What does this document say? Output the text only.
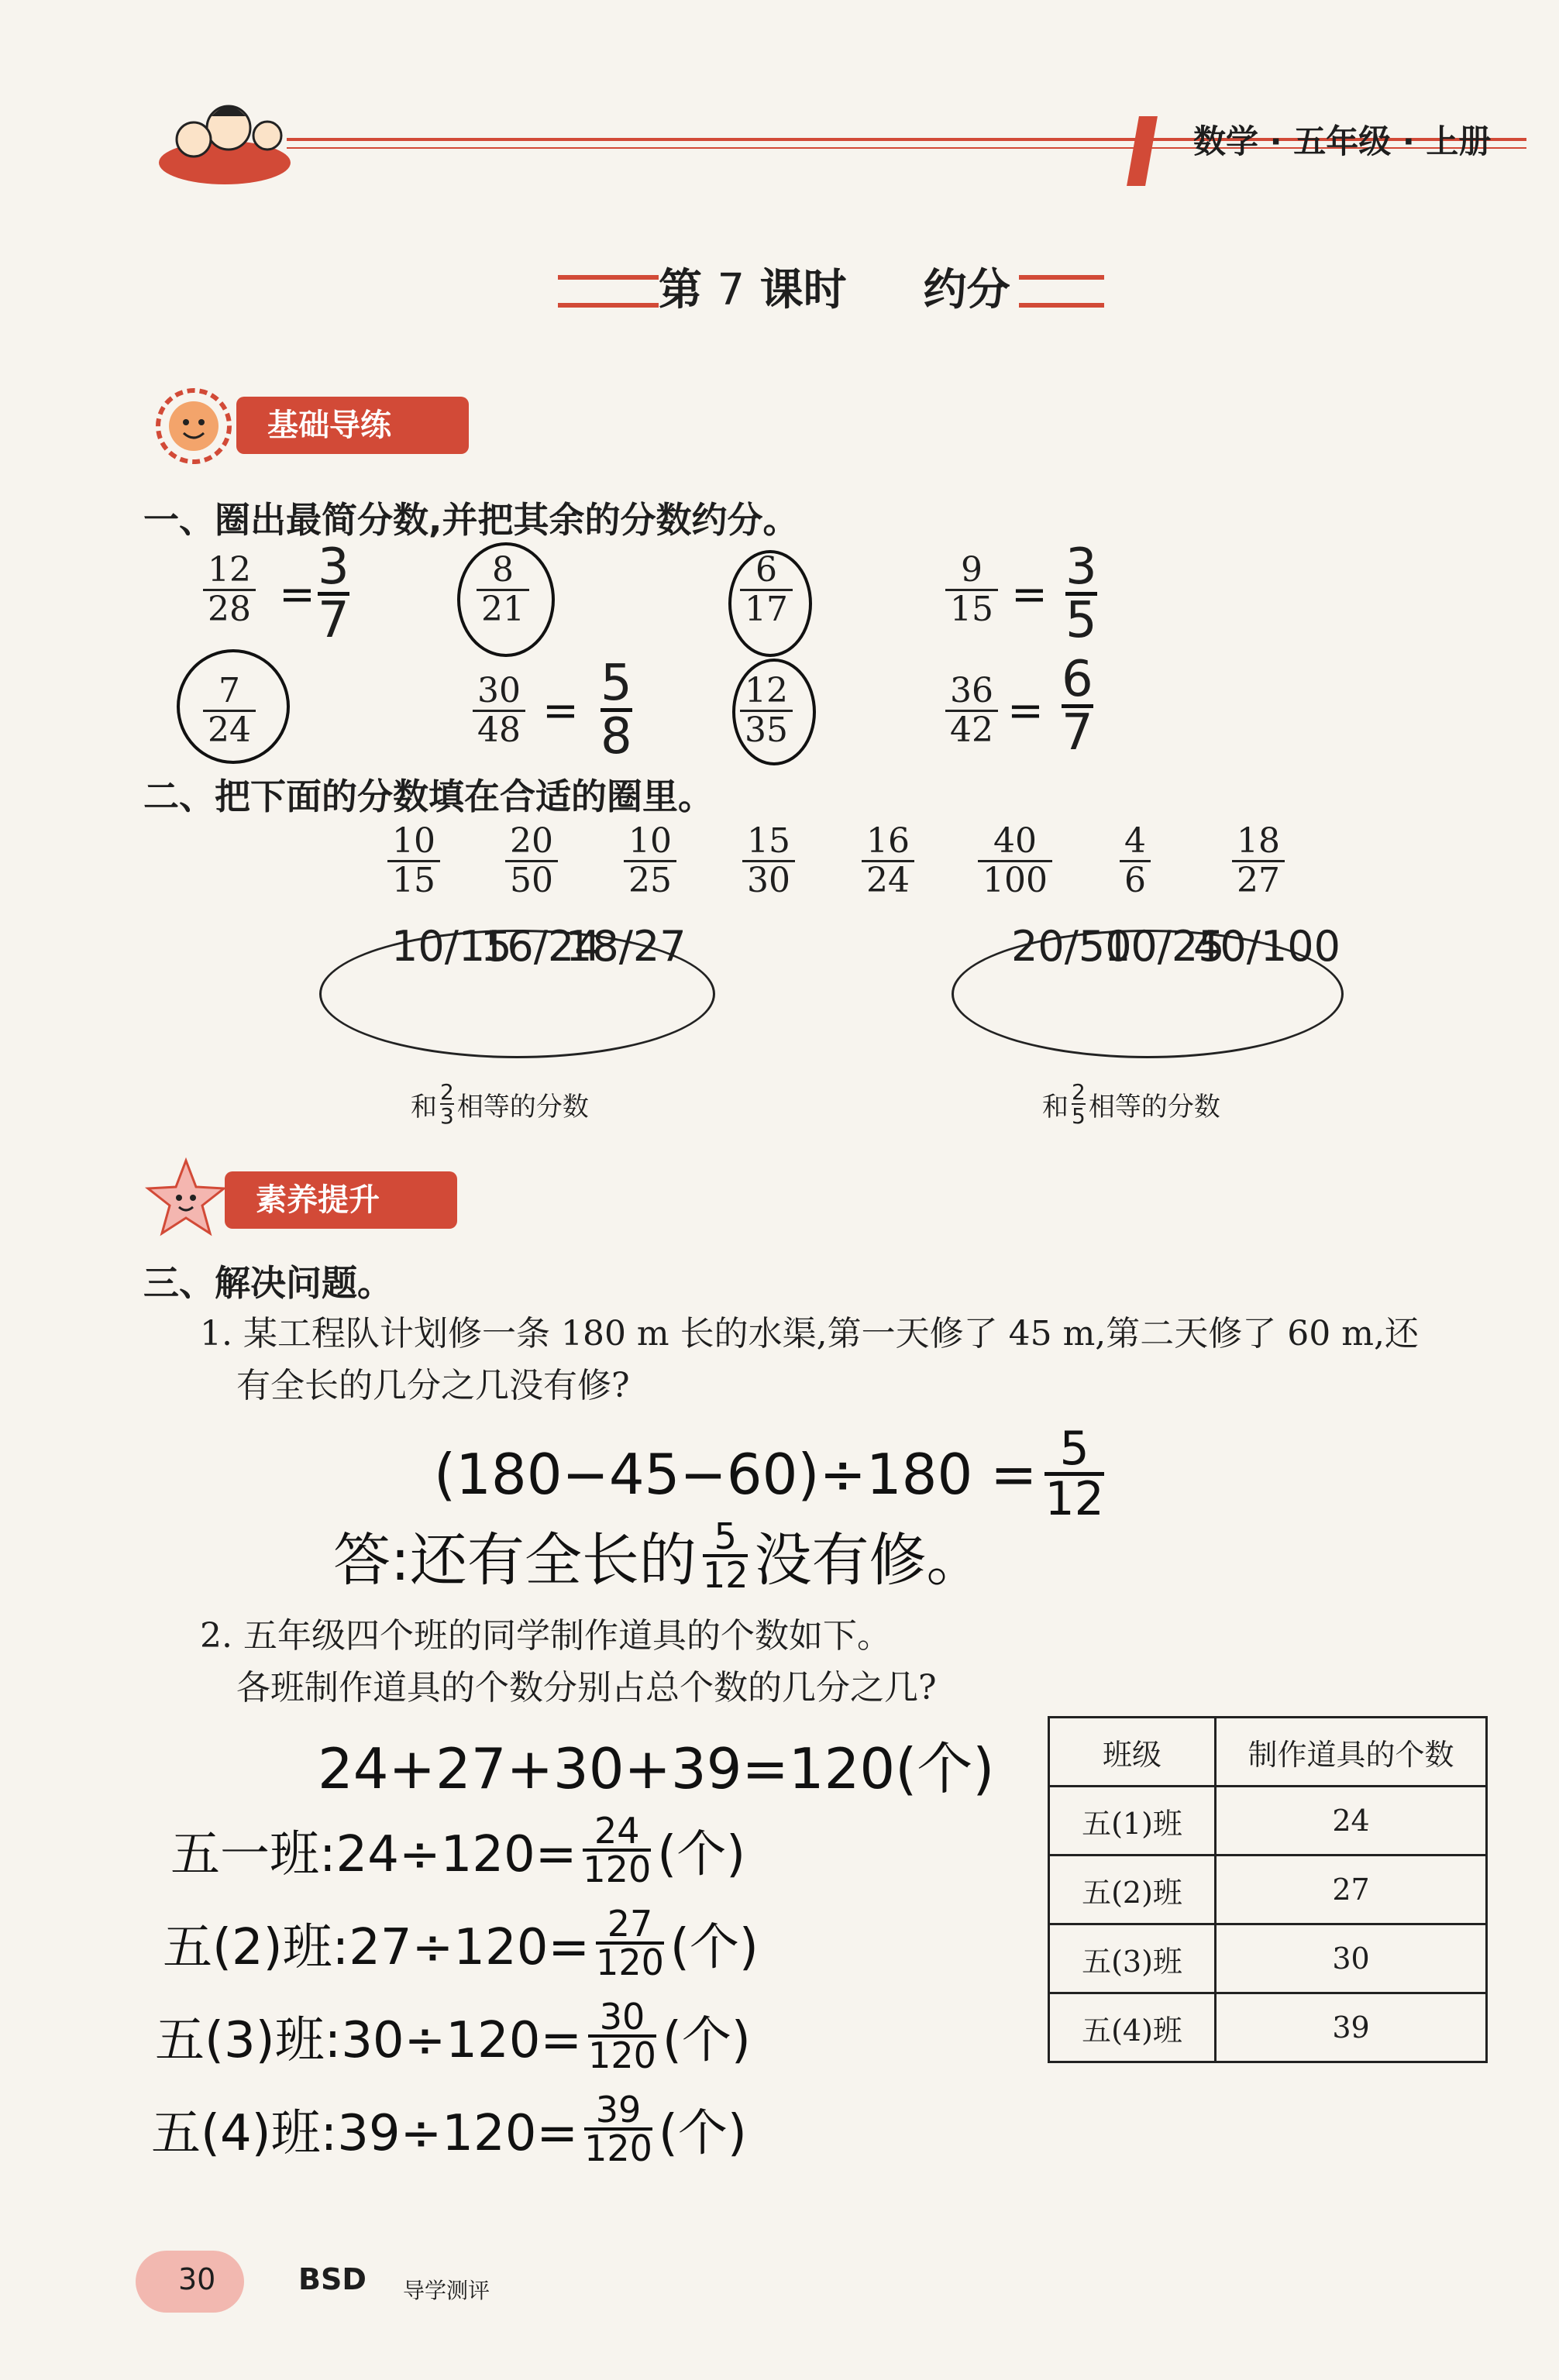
数学 · 五年级 · 上册
第 7 课时 约分
基础导练
一、圈出最简分数,并把其余的分数约分。
12
28 = 3
7
8
21
6
17
9
15 = 3
5
7
24
30
48 = 5
8
12
35
36
42 =
6
7
二、把下面的分数填在合适的圈里。
10
15
20
50
10
25
15
30
16
24
40
100
4
6
18
27
10/15
16/24
18/27
和 2
3 相等的分数
20/50
10/25
40/100
和 2
5 相等的分数
素养提升
三、解决问题。
1. 某工程队计划修一条 180 m 长的水渠,第一天修了 45 m,第二天修了 60 m,还
有全长的几分之几没有修?
(180−45−60)÷180 = 5
12
答:还有全长的 5
12 没有修。
2. 五年级四个班的同学制作道具的个数如下。
各班制作道具的个数分别占总个数的几分之几?
24+27+30+39=120(个)
五一班:24÷120= 24
120 (个)
五(2)班:27÷120= 27
120 (个)
五(3)班:30÷120= 30
120 (个)
五(4)班:39÷120= 39
120 (个)
班级	制作道具的个数
五(1)班	24
五(2)班	27
五(3)班	30
五(4)班	39
30	BSD 导学测评
